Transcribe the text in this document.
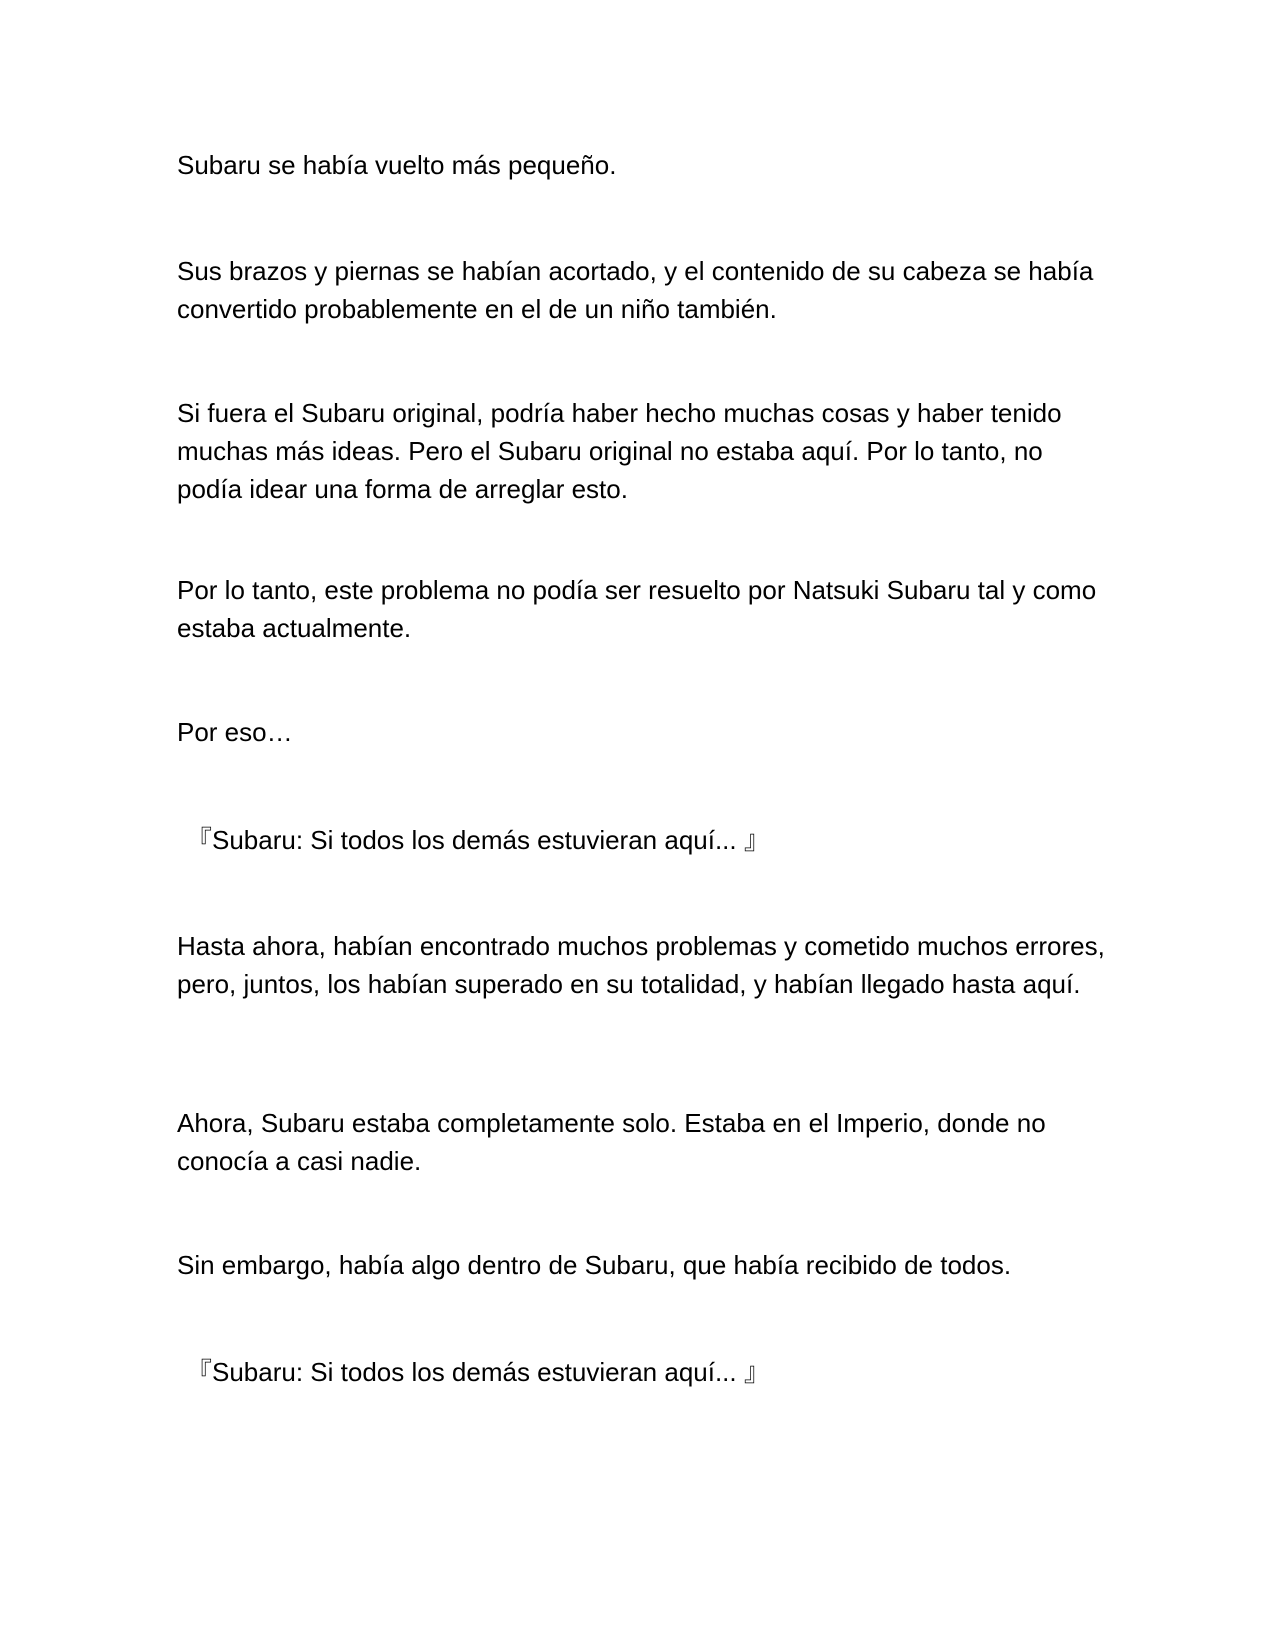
Subaru se había vuelto más pequeño.

Sus brazos y piernas se habían acortado, y el contenido de su cabeza se había convertido probablemente en el de un niño también.

Si fuera el Subaru original, podría haber hecho muchas cosas y haber tenido muchas más ideas. Pero el Subaru original no estaba aquí. Por lo tanto, no podía idear una forma de arreglar esto.

Por lo tanto, este problema no podía ser resuelto por Natsuki Subaru tal y como estaba actualmente.

Por eso…

『Subaru: Si todos los demás estuvieran aquí... 』

Hasta ahora, habían encontrado muchos problemas y cometido muchos errores, pero, juntos, los habían superado en su totalidad, y habían llegado hasta aquí.

Ahora, Subaru estaba completamente solo. Estaba en el Imperio, donde no conocía a casi nadie.

Sin embargo, había algo dentro de Subaru, que había recibido de todos.

『Subaru: Si todos los demás estuvieran aquí... 』
